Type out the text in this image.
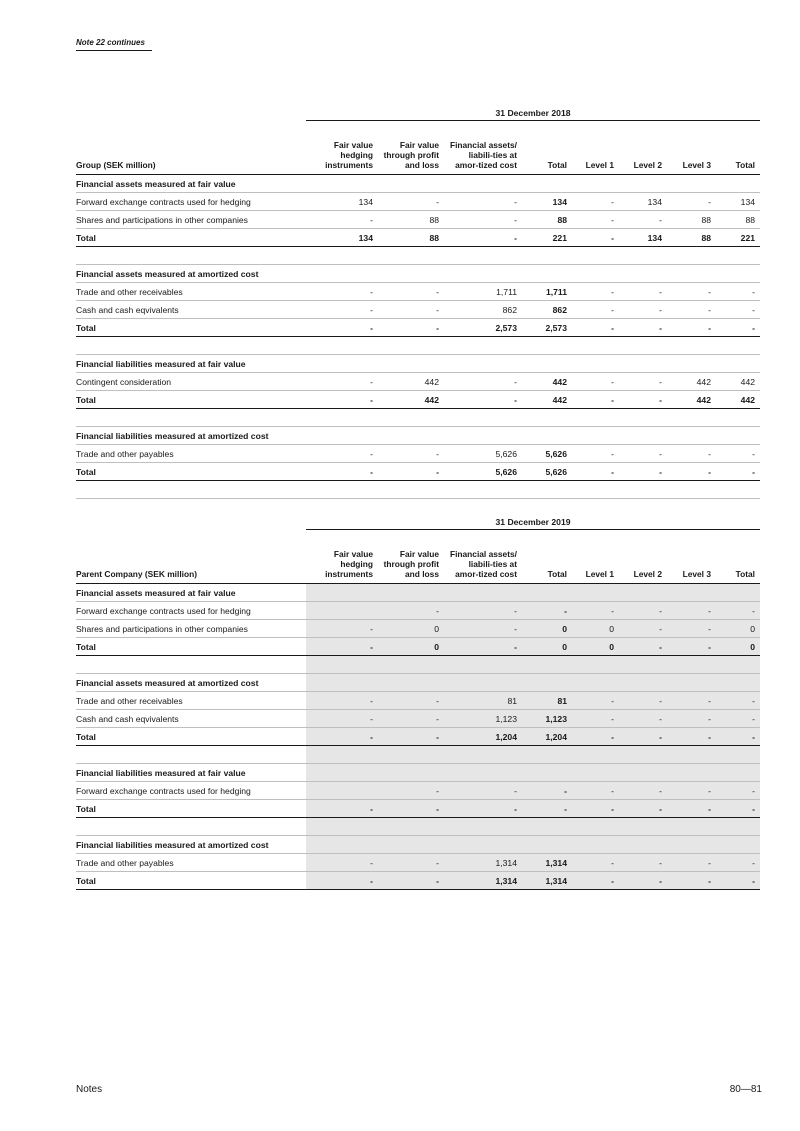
Note 22 continues
	31 December 2018							
Group (SEK million)	Fair value hedging instruments	Fair value through profit and loss	Financial assets/ liabili-ties at amor-tized cost	Total	Level 1	Level 2	Level 3	Total
Financial assets measured at fair value								
Forward exchange contracts used for hedging	134	-	-	134	-	134	-	134
Shares and participations in other companies	-	88	-	88	-	-	88	88
Total	134	88	-	221	-	134	88	221

Financial assets measured at amortized cost								
Trade and other receivables	-	-	1,711	1,711	-	-	-	-
Cash and cash eqvivalents	-	-	862	862	-	-	-	-
Total	-	-	2,573	2,573	-	-	-	-

Financial liabilities measured at fair value								
Contingent consideration	-	442	-	442	-	-	442	442
Total	-	442	-	442	-	-	442	442

Financial liabilities measured at amortized cost								
Trade and other payables	-	-	5,626	5,626	-	-	-	-
Total	-	-	5,626	5,626	-	-	-	-

	31 December 2019							
Parent Company (SEK million)	Fair value hedging instruments	Fair value through profit and loss	Financial assets/ liabili-ties at amor-tized cost	Total	Level 1	Level 2	Level 3	Total
Financial assets measured at fair value								
Forward exchange contracts used for hedging		-	-	-	-	-	-	-
Shares and participations in other companies	-	0	-	0	0	-	-	0
Total	-	0	-	0	0	-	-	0

Financial assets measured at amortized cost								
Trade and other receivables	-	-	81	81	-	-	-	-
Cash and cash eqvivalents	-	-	1,123	1,123	-	-	-	-
Total	-	-	1,204	1,204	-	-	-	-

Financial liabilities measured at fair value								
Forward exchange contracts used for hedging		-	-	-	-	-	-	-
Total	-	-	-	-	-	-	-	-

Financial liabilities measured at amortized cost								
Trade and other payables	-	-	1,314	1,314	-	-	-	-
Total	-	-	1,314	1,314	-	-	-	-
Notes	80—81
